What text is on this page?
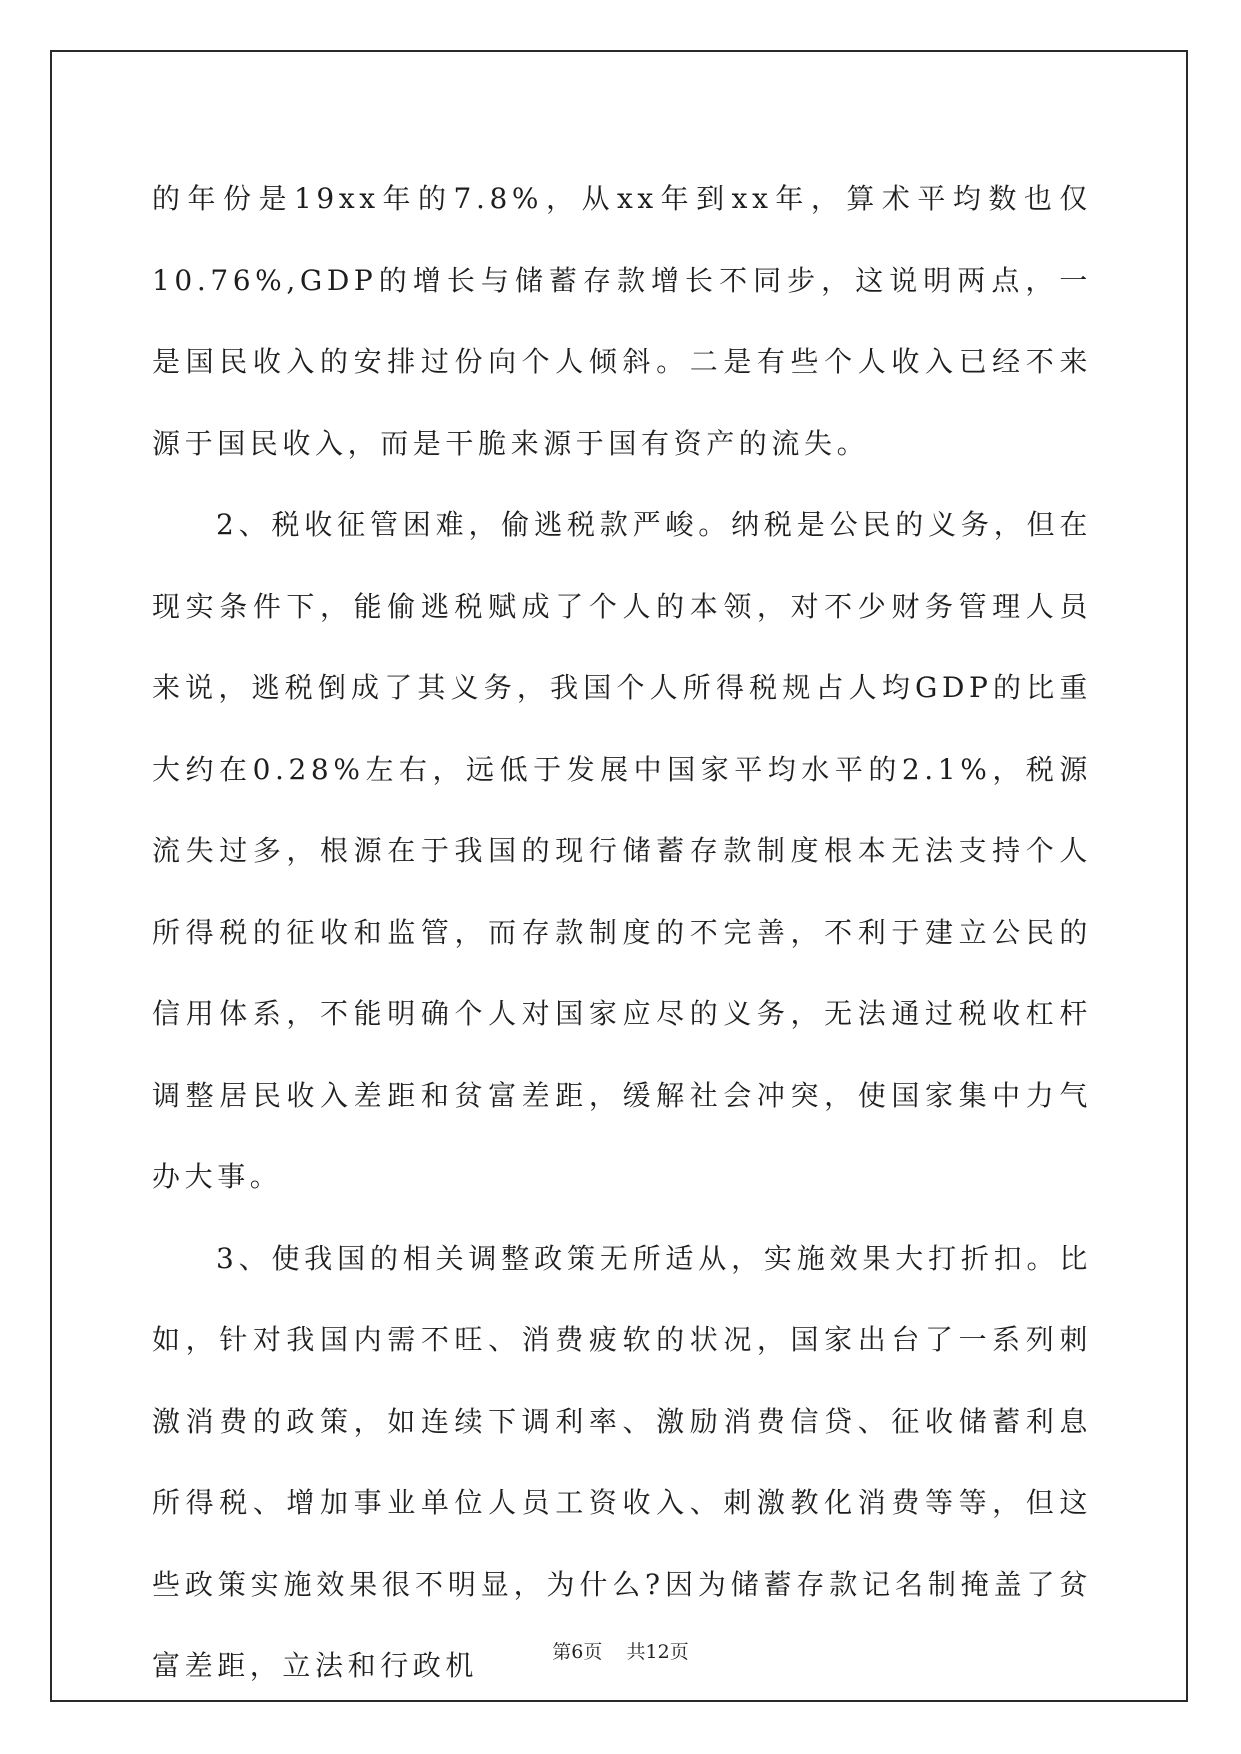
的年份是19xx年的7.8%，从xx年到xx年，算术平均数也仅10.76%,GDP的增长与储蓄存款增长不同步，这说明两点，一是国民收入的安排过份向个人倾斜。二是有些个人收入已经不来源于国民收入，而是干脆来源于国有资产的流失。

2、税收征管困难，偷逃税款严峻。纳税是公民的义务，但在现实条件下，能偷逃税赋成了个人的本领，对不少财务管理人员来说，逃税倒成了其义务，我国个人所得税规占人均GDP的比重大约在0.28%左右，远低于发展中国家平均水平的2.1%，税源流失过多，根源在于我国的现行储蓄存款制度根本无法支持个人所得税的征收和监管，而存款制度的不完善，不利于建立公民的信用体系，不能明确个人对国家应尽的义务，无法通过税收杠杆调整居民收入差距和贫富差距，缓解社会冲突，使国家集中力气办大事。

3、使我国的相关调整政策无所适从，实施效果大打折扣。比如，针对我国内需不旺、消费疲软的状况，国家出台了一系列刺激消费的政策，如连续下调利率、激励消费信贷、征收储蓄利息所得税、增加事业单位人员工资收入、刺激教化消费等等，但这些政策实施效果很不明显，为什么?因为储蓄存款记名制掩盖了贫富差距，立法和行政机	第6页 共12页
